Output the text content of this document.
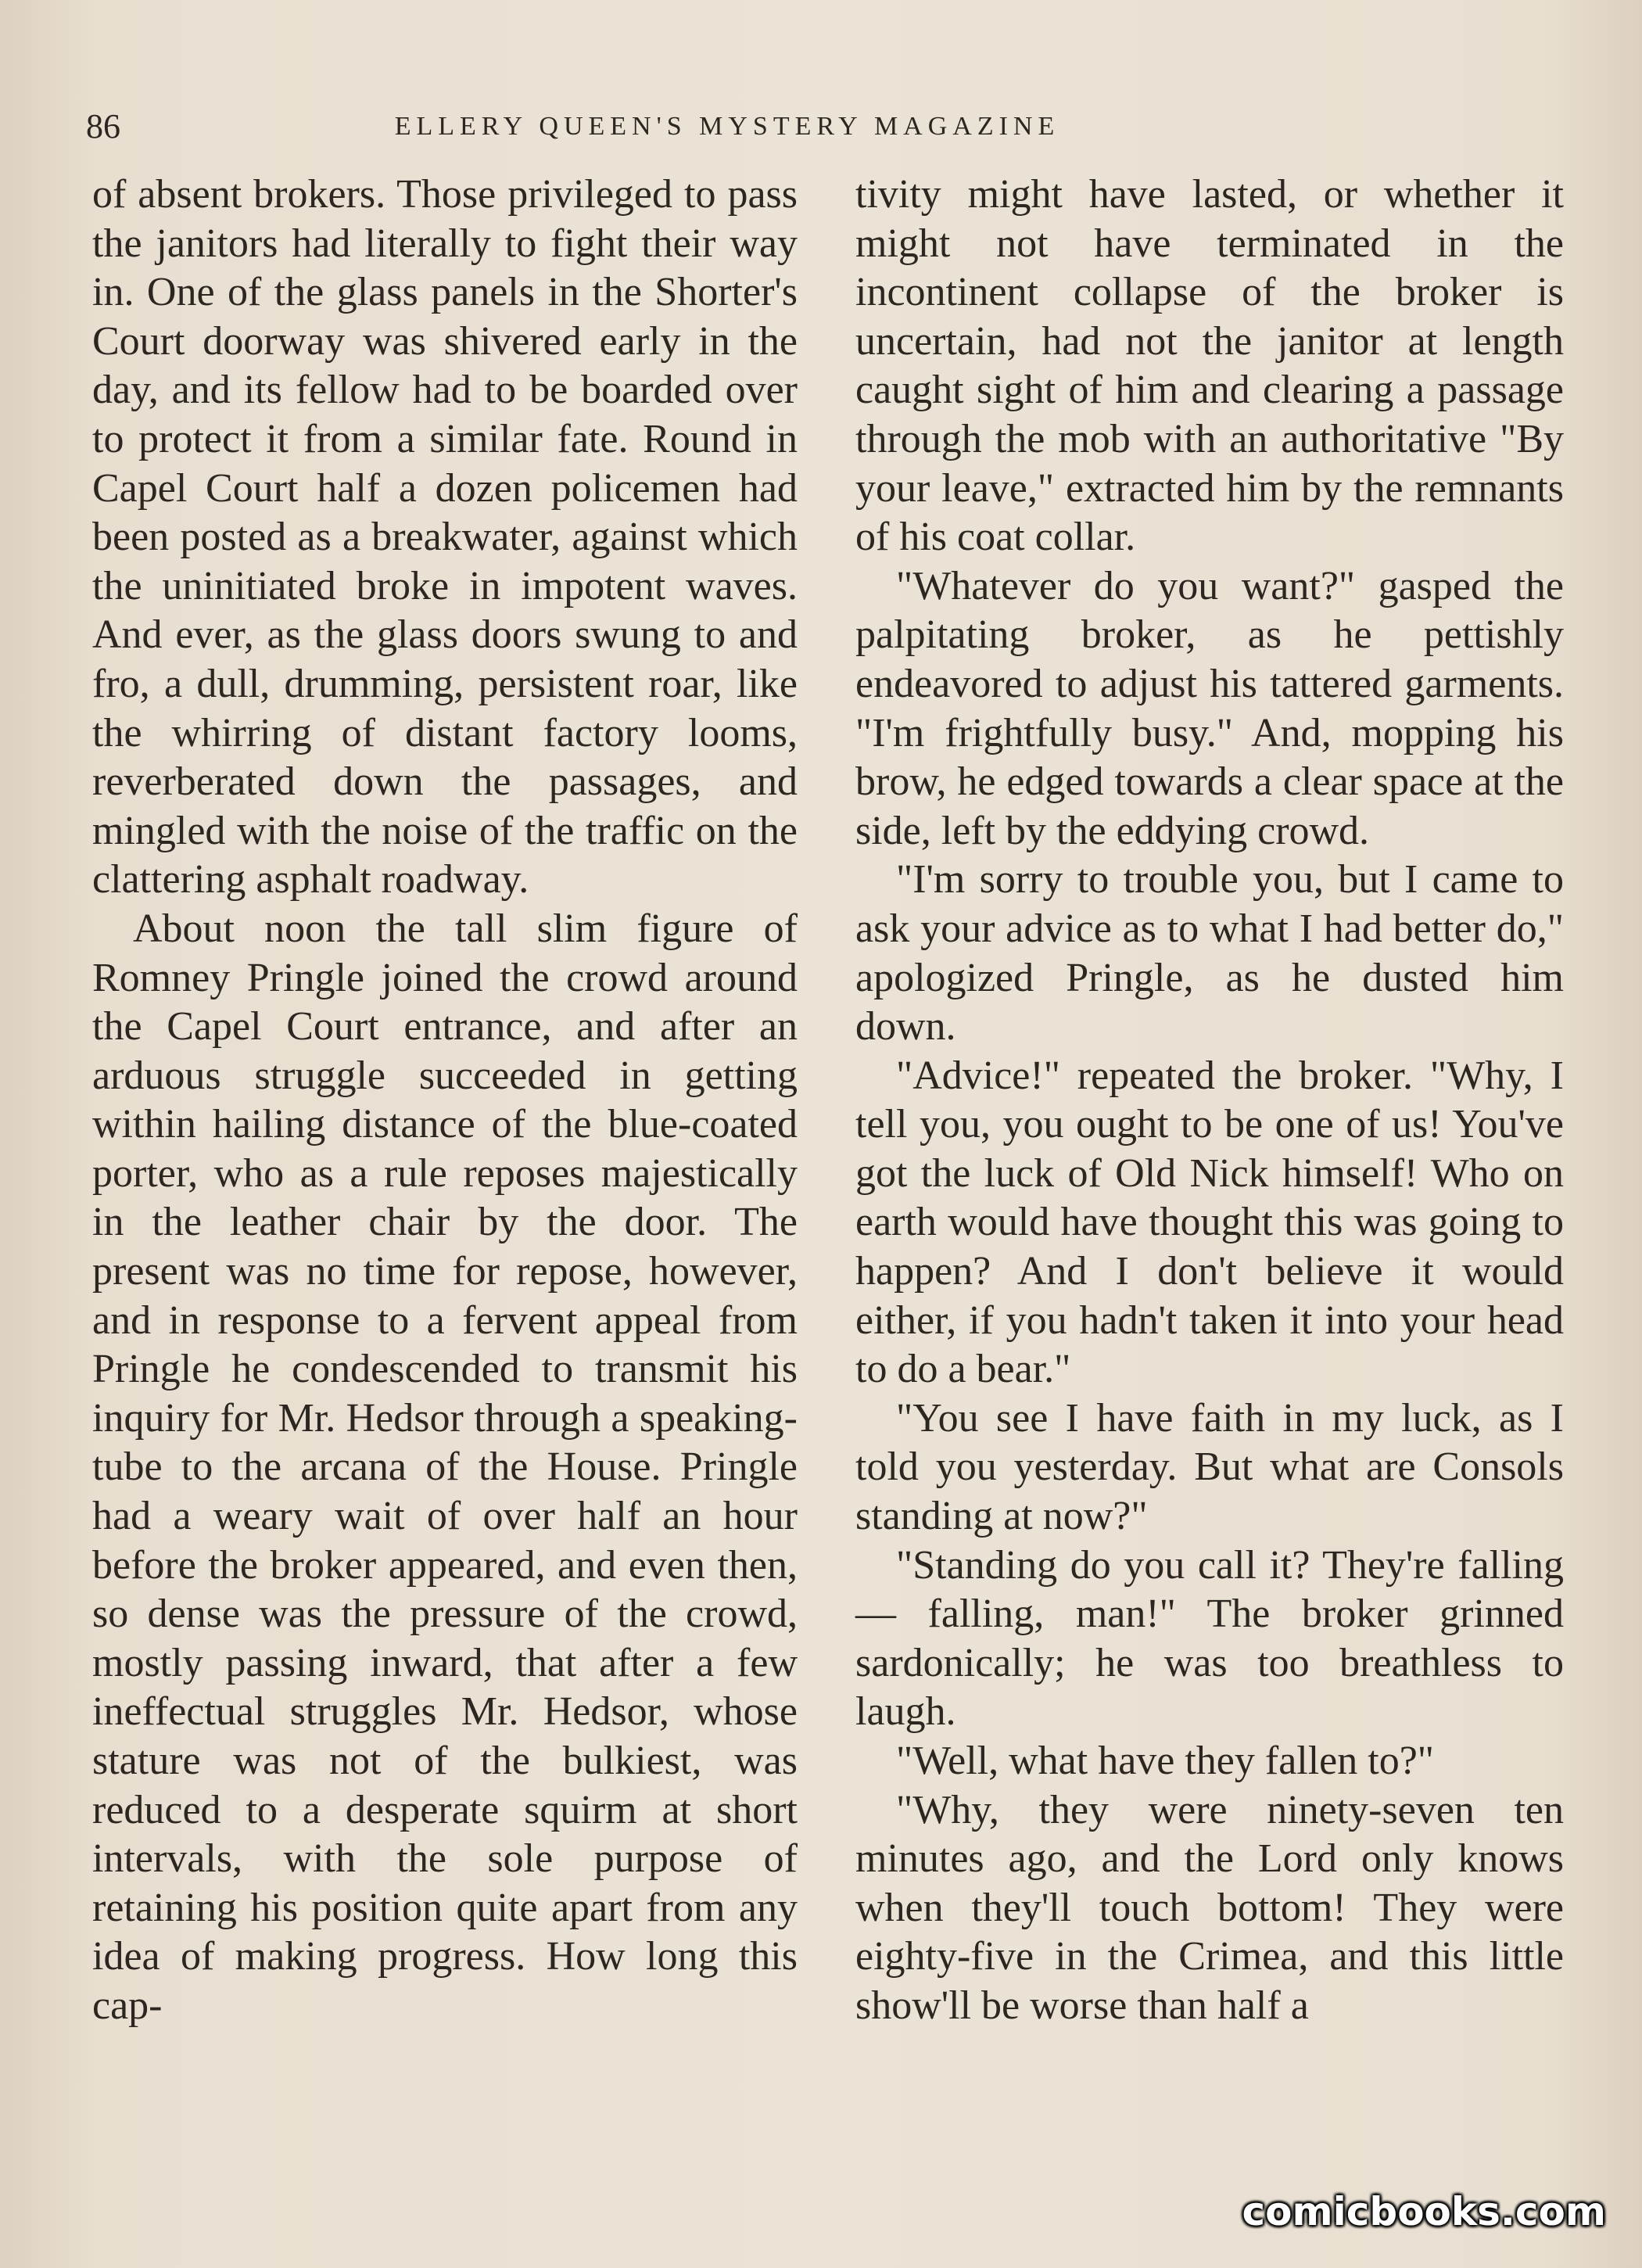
86	ELLERY QUEEN'S MYSTERY MAGAZINE

of absent brokers. Those privileged to pass the janitors had literally to fight their way in. One of the glass panels in the Shorter's Court doorway was shivered early in the day, and its fellow had to be boarded over to protect it from a similar fate. Round in Capel Court half a dozen policemen had been posted as a breakwater, against which the uninitiated broke in impotent waves. And ever, as the glass doors swung to and fro, a dull, drumming, persistent roar, like the whirring of distant factory looms, reverberated down the passages, and mingled with the noise of the traffic on the clattering asphalt roadway.

About noon the tall slim figure of Romney Pringle joined the crowd around the Capel Court entrance, and after an arduous struggle succeeded in getting within hailing distance of the blue-coated porter, who as a rule reposes majestically in the leather chair by the door. The present was no time for repose, however, and in response to a fervent appeal from Pringle he condescended to transmit his inquiry for Mr. Hedsor through a speaking-tube to the arcana of the House. Pringle had a weary wait of over half an hour before the broker appeared, and even then, so dense was the pressure of the crowd, mostly passing inward, that after a few ineffectual struggles Mr. Hedsor, whose stature was not of the bulkiest, was reduced to a desperate squirm at short intervals, with the sole purpose of retaining his position quite apart from any idea of making progress. How long this cap-

tivity might have lasted, or whether it might not have terminated in the incontinent collapse of the broker is uncertain, had not the janitor at length caught sight of him and clearing a passage through the mob with an authoritative "By your leave," extracted him by the remnants of his coat collar.

"Whatever do you want?" gasped the palpitating broker, as he pettishly endeavored to adjust his tattered garments. "I'm frightfully busy." And, mopping his brow, he edged towards a clear space at the side, left by the eddying crowd.

"I'm sorry to trouble you, but I came to ask your advice as to what I had better do," apologized Pringle, as he dusted him down.

"Advice!" repeated the broker. "Why, I tell you, you ought to be one of us! You've got the luck of Old Nick himself! Who on earth would have thought this was going to happen? And I don't believe it would either, if you hadn't taken it into your head to do a bear."

"You see I have faith in my luck, as I told you yesterday. But what are Consols standing at now?"

"Standing do you call it? They're falling — falling, man!" The broker grinned sardonically; he was too breathless to laugh.

"Well, what have they fallen to?"

"Why, they were ninety-seven ten minutes ago, and the Lord only knows when they'll touch bottom! They were eighty-five in the Crimea, and this little show'll be worse than half a

comicbooks.com
